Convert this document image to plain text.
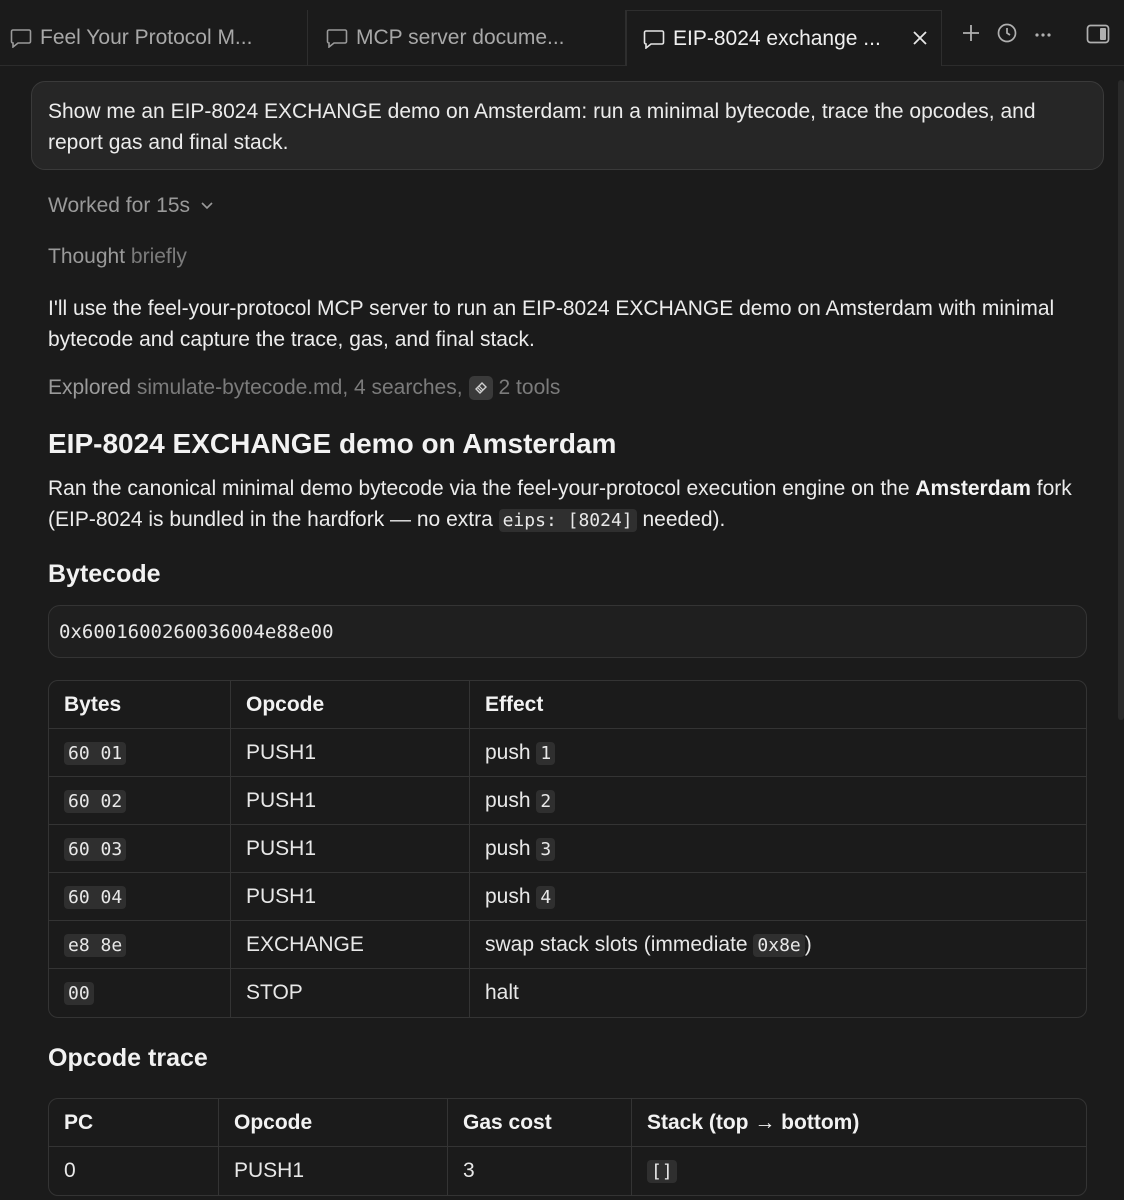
Feel Your Protocol M...	MCP server docume...	EIP-8024 exchange ...
Show me an EIP-8024 EXCHANGE demo on Amsterdam: run a minimal bytecode, trace the opcodes, and report gas and final stack.
Worked for 15s
Thought briefly
I'll use the feel-your-protocol MCP server to run an EIP-8024 EXCHANGE demo on Amsterdam with minimal bytecode and capture the trace, gas, and final stack.
Explored simulate-bytecode.md, 4 searches, 2 tools
EIP-8024 EXCHANGE demo on Amsterdam
Ran the canonical minimal demo bytecode via the feel-your-protocol execution engine on the Amsterdam fork (EIP-8024 is bundled in the hardfork — no extra eips: [8024] needed).
Bytecode
Opcode trace
0x6001600260036004e88e00
Bytes	Opcode	Effect
60 01	PUSH1	push 1
60 02	PUSH1	push 2
60 03	PUSH1	push 3
60 04	PUSH1	push 4
e8 8e	EXCHANGE	swap stack slots (immediate 0x8e )
00	STOP	halt
PC	Opcode	Gas cost	Stack (top → bottom)
0	PUSH1	3	[]
